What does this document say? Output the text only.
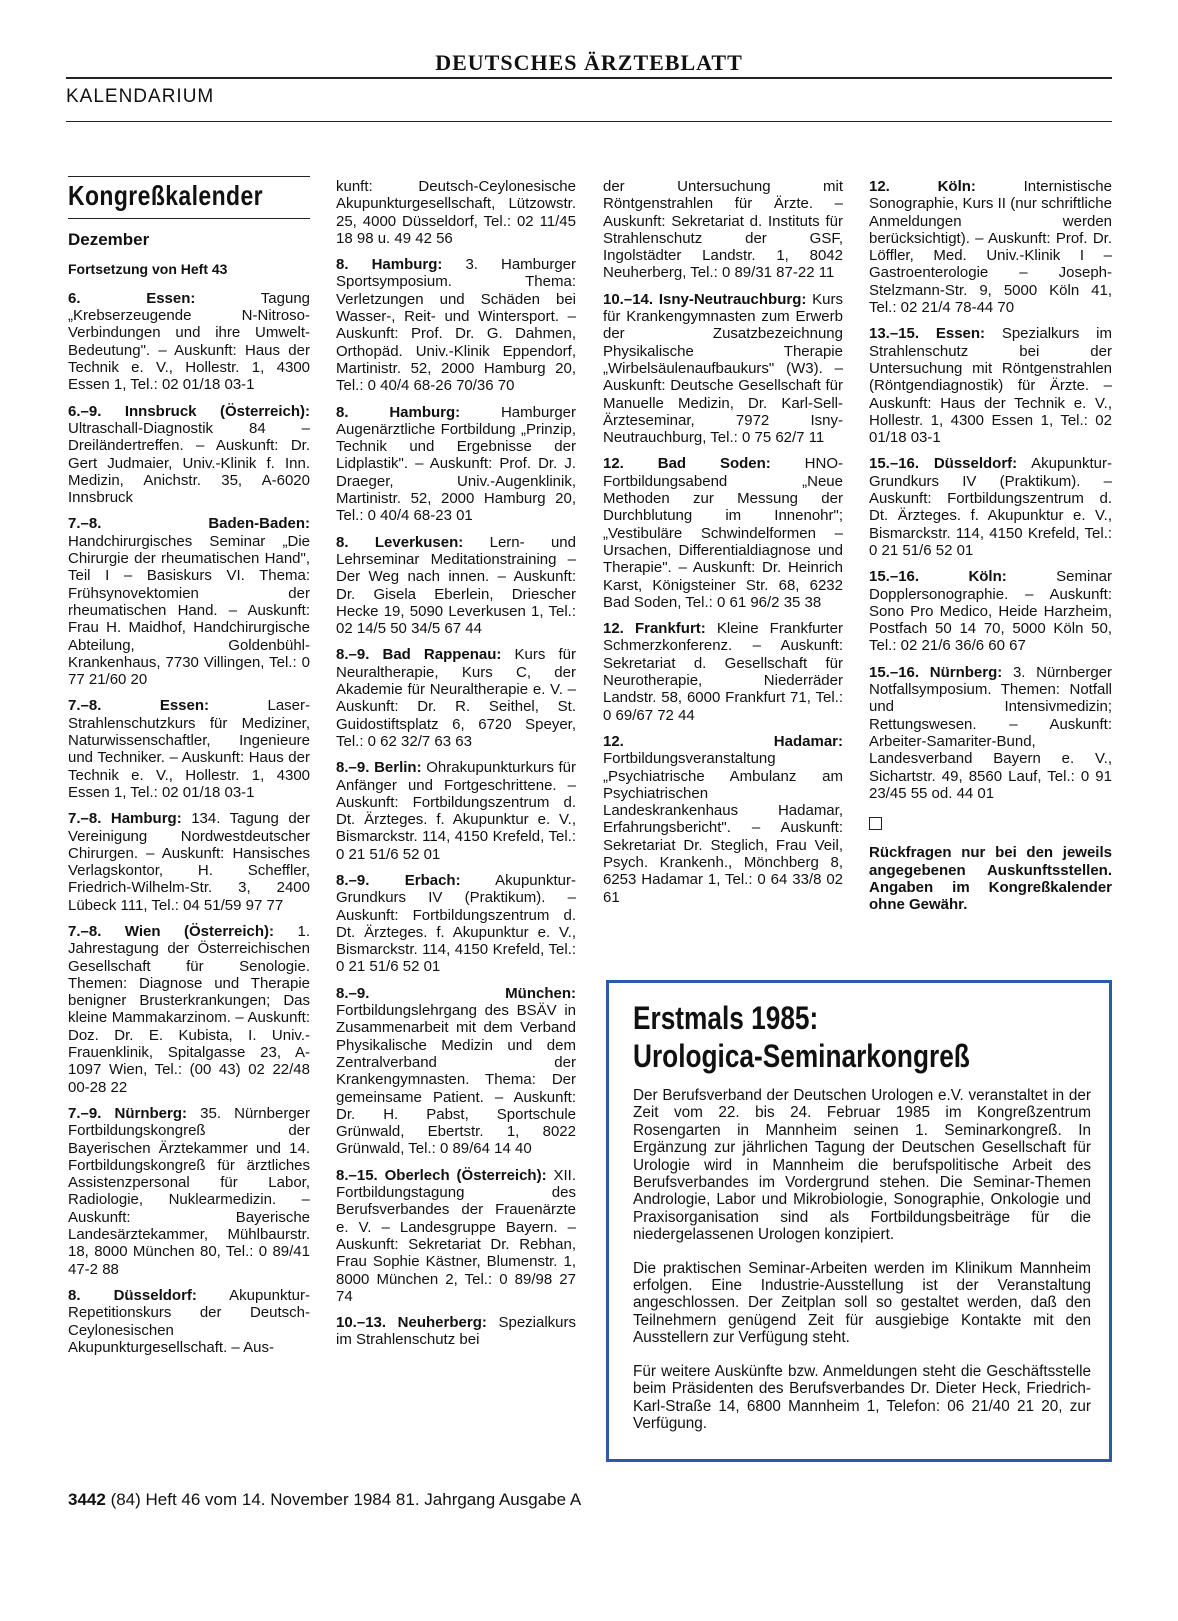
DEUTSCHES ÄRZTEBLATT
KALENDARIUM
Kongreßkalender
Dezember
Fortsetzung von Heft 43
6.	Essen: Tagung „Krebserzeugende N-Nitroso-Verbindungen und ihre Umwelt-Bedeutung". – Auskunft: Haus der Technik e. V., Hollestr. 1, 4300 Essen 1, Tel.: 02 01/18 03-1
6.–9. Innsbruck (Österreich): Ultraschall-Diagnostik 84 – Dreiländertreffen. – Auskunft: Dr. Gert Judmaier, Univ.-Klinik f. Inn. Medizin, Anichstr. 35, A-6020 Innsbruck
7.–8.	Baden-Baden: Handchirurgisches Seminar „Die Chirurgie der rheumatischen Hand", Teil I – Basiskurs VI. Thema: Frühsynovektomien der rheumatischen Hand. – Auskunft: Frau H. Maidhof, Handchirurgische Abteilung, Goldenbühl-Krankenhaus, 7730 Villingen, Tel.: 0 77 21/60 20
7.–8.	Essen: Laser-Strahlenschutzkurs für Mediziner, Naturwissenschaftler, Ingenieure und Techniker. – Auskunft: Haus der Technik e. V., Hollestr. 1, 4300 Essen 1, Tel.: 02 01/18 03-1
7.–8. Hamburg: 134. Tagung der Vereinigung Nordwestdeutscher Chirurgen. – Auskunft: Hansisches Verlagskontor, H. Scheffler, Friedrich-Wilhelm-Str. 3, 2400 Lübeck 111, Tel.: 04 51/59 97 77
7.–8. Wien (Österreich): 1. Jahrestagung der Österreichischen Gesellschaft für Senologie. Themen: Diagnose und Therapie benigner Brusterkrankungen; Das kleine Mammakarzinom. – Auskunft: Doz. Dr. E. Kubista, I. Univ.-Frauenklinik, Spitalgasse 23, A-1097 Wien, Tel.: (00 43) 02 22/48 00-28 22
7.–9. Nürnberg: 35. Nürnberger Fortbildungskongreß der Bayerischen Ärztekammer und 14. Fortbildungskongreß für ärztliches Assistenzpersonal für Labor, Radiologie, Nuklearmedizin. – Auskunft: Bayerische Landesärztekammer, Mühlbaurstr. 18, 8000 München 80, Tel.: 0 89/41 47-2 88
8. Düsseldorf: Akupunktur-Repetitionskurs der Deutsch-Ceylonesischen Akupunkturgesellschaft. – Aus-
kunft: Deutsch-Ceylonesische Akupunkturgesellschaft, Lützowstr. 25, 4000 Düsseldorf, Tel.: 02 11/45 18 98 u. 49 42 56
8. Hamburg: 3. Hamburger Sportsymposium. Thema: Verletzungen und Schäden bei Wasser-, Reit- und Wintersport. – Auskunft: Prof. Dr. G. Dahmen, Orthopäd. Univ.-Klinik Eppendorf, Martinistr. 52, 2000 Hamburg 20, Tel.: 0 40/4 68-26 70/36 70
8.	Hamburg: Hamburger Augenärztliche Fortbildung „Prinzip, Technik und Ergebnisse der Lidplastik". – Auskunft: Prof. Dr. J. Draeger, Univ.-Augenklinik, Martinistr. 52, 2000 Hamburg 20, Tel.: 0 40/4 68-23 01
8. Leverkusen: Lern- und Lehrseminar Meditationstraining – Der Weg nach innen. – Auskunft: Dr. Gisela Eberlein, Driescher Hecke 19, 5090 Leverkusen 1, Tel.: 02 14/5 50 34/5 67 44
8.–9. Bad Rappenau: Kurs für Neuraltherapie, Kurs C, der Akademie für Neuraltherapie e. V. – Auskunft: Dr. R. Seithel, St. Guidostiftsplatz 6, 6720 Speyer, Tel.: 0 62 32/7 63 63
8.–9. Berlin: Ohrakupunkturkurs für Anfänger und Fortgeschrittene. – Auskunft: Fortbildungszentrum d. Dt. Ärzteges. f. Akupunktur e. V., Bismarckstr. 114, 4150 Krefeld, Tel.: 0 21 51/6 52 01
8.–9. Erbach: Akupunktur-Grundkurs IV (Praktikum). – Auskunft: Fortbildungszentrum d. Dt. Ärzteges. f. Akupunktur e. V., Bismarckstr. 114, 4150 Krefeld, Tel.: 0 21 51/6 52 01
8.–9.	München: Fortbildungslehrgang des BSÄV in Zusammenarbeit mit dem Verband Physikalische Medizin und dem Zentralverband der Krankengymnasten. Thema: Der gemeinsame Patient. – Auskunft: Dr. H. Pabst, Sportschule Grünwald, Ebertstr. 1, 8022 Grünwald, Tel.: 0 89/64 14 40
8.–15. Oberlech (Österreich): XII. Fortbildungstagung des Berufsverbandes der Frauenärzte e. V. – Landesgruppe Bayern. – Auskunft: Sekretariat Dr. Rebhan, Frau Sophie Kästner, Blumenstr. 1, 8000 München 2, Tel.: 0 89/98 27 74
10.–13. Neuherberg: Spezialkurs im Strahlenschutz bei
der Untersuchung mit Röntgenstrahlen für Ärzte. – Auskunft: Sekretariat d. Instituts für Strahlenschutz der GSF, Ingolstädter Landstr. 1, 8042 Neuherberg, Tel.: 0 89/31 87-22 11
10.–14. Isny-Neutrauchburg: Kurs für Krankengymnasten zum Erwerb der Zusatzbezeichnung Physikalische Therapie „Wirbelsäulenaufbaukurs" (W3). – Auskunft: Deutsche Gesellschaft für Manuelle Medizin, Dr. Karl-Sell-Ärzteseminar, 7972 Isny-Neutrauchburg, Tel.: 0 75 62/7 11
12. Bad Soden: HNO-Fortbildungsabend „Neue Methoden zur Messung der Durchblutung im Innenohr"; „Vestibuläre Schwindelformen – Ursachen, Differentialdiagnose und Therapie". – Auskunft: Dr. Heinrich Karst, Königsteiner Str. 68, 6232 Bad Soden, Tel.: 0 61 96/2 35 38
12. Frankfurt: Kleine Frankfurter Schmerzkonferenz. – Auskunft: Sekretariat d. Gesellschaft für Neurotherapie, Niederräder Landstr. 58, 6000 Frankfurt 71, Tel.: 0 69/67 72 44
12.	Hadamar: Fortbildungsveranstaltung „Psychiatrische Ambulanz am Psychiatrischen Landeskrankenhaus Hadamar, Erfahrungsbericht". – Auskunft: Sekretariat Dr. Steglich, Frau Veil, Psych. Krankenh., Mönchberg 8, 6253 Hadamar 1, Tel.: 0 64 33/8 02 61
12.	Köln: Internistische Sonographie, Kurs II (nur schriftliche Anmeldungen werden berücksichtigt). – Auskunft: Prof. Dr. Löffler, Med. Univ.-Klinik I – Gastroenterologie – Joseph-Stelzmann-Str. 9, 5000 Köln 41, Tel.: 02 21/4 78-44 70
13.–15. Essen: Spezialkurs im Strahlenschutz bei der Untersuchung mit Röntgenstrahlen (Röntgendiagnostik) für Ärzte. – Auskunft: Haus der Technik e. V., Hollestr. 1, 4300 Essen 1, Tel.: 02 01/18 03-1
15.–16. Düsseldorf: Akupunktur-Grundkurs IV (Praktikum). – Auskunft: Fortbildungszentrum d. Dt. Ärzteges. f. Akupunktur e. V., Bismarckstr. 114, 4150 Krefeld, Tel.: 0 21 51/6 52 01
15.–16.	Köln: Seminar Dopplersonographie. – Auskunft: Sono Pro Medico, Heide Harzheim, Postfach 50 14 70, 5000 Köln 50, Tel.: 02 21/6 36/6 60 67
15.–16. Nürnberg: 3. Nürnberger Notfallsymposium. Themen: Notfall und Intensivmedizin; Rettungswesen. – Auskunft: Arbeiter-Samariter-Bund, Landesverband Bayern e. V., Sichartstr. 49, 8560 Lauf, Tel.: 0 91 23/45 55 od. 44 01
Rückfragen nur bei den jeweils angegebenen Auskunftsstellen. Angaben im Kongreßkalender ohne Gewähr.
Erstmals 1985:
Urologica-Seminarkongreß

Der Berufsverband der Deutschen Urologen e.V. veranstaltet in der Zeit vom 22. bis 24. Februar 1985 im Kongreßzentrum Rosengarten in Mannheim seinen 1. Seminarkongreß. In Ergänzung zur jährlichen Tagung der Deutschen Gesellschaft für Urologie wird in Mannheim die berufspolitische Arbeit des Berufsverbandes im Vordergrund stehen. Die Seminar-Themen Andrologie, Labor und Mikrobiologie, Sonographie, Onkologie und Praxisorganisation sind als Fortbildungsbeiträge für die niedergelassenen Urologen konzipiert.

Die praktischen Seminar-Arbeiten werden im Klinikum Mannheim erfolgen. Eine Industrie-Ausstellung ist der Veranstaltung angeschlossen. Der Zeitplan soll so gestaltet werden, daß den Teilnehmern genügend Zeit für ausgiebige Kontakte mit den Ausstellern zur Verfügung steht.

Für weitere Auskünfte bzw. Anmeldungen steht die Geschäftsstelle beim Präsidenten des Berufsverbandes Dr. Dieter Heck, Friedrich-Karl-Straße 14, 6800 Mannheim 1, Telefon: 06 21/40 21 20, zur Verfügung.

3442 (84) Heft 46 vom 14. November 1984 81. Jahrgang Ausgabe A
